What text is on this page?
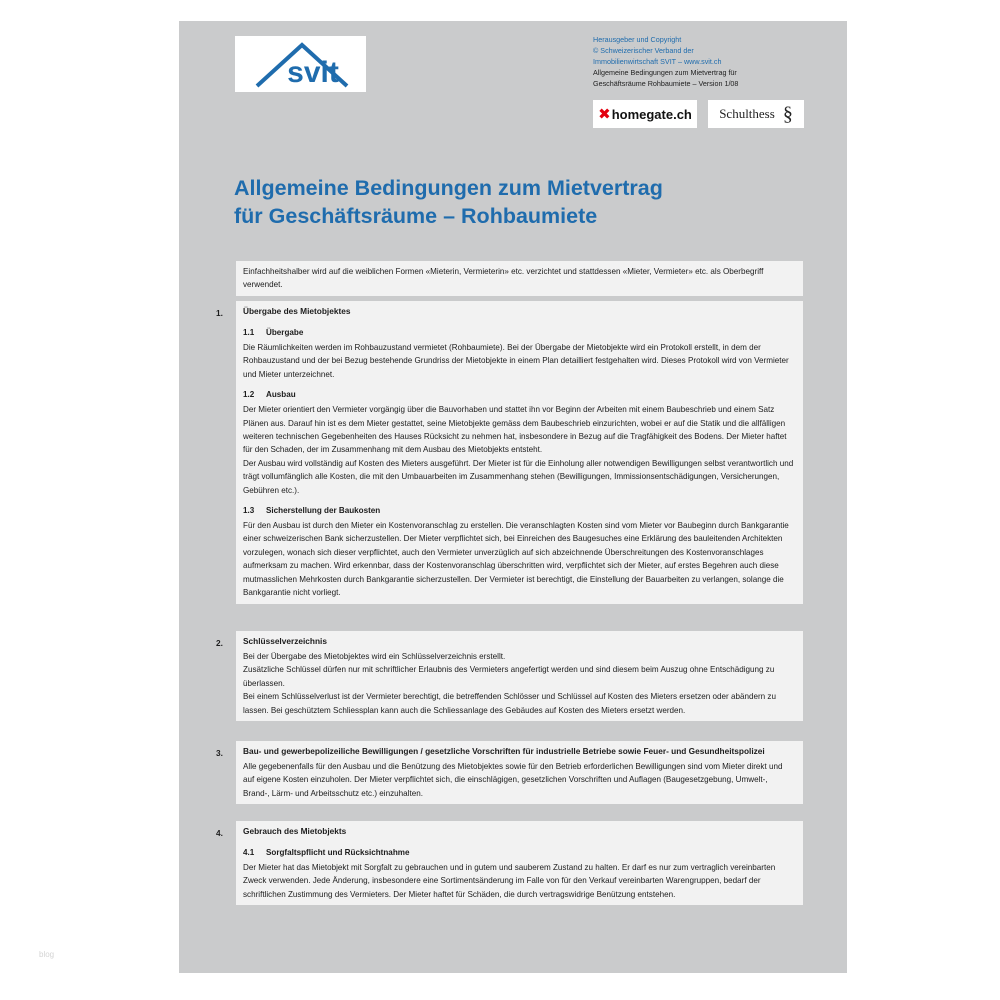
svit
Herausgeber und Copyright
© Schweizerischer Verband der
Immobilienwirtschaft SVIT – www.svit.ch
Allgemeine Bedingungen zum Mietvertrag für
Geschäftsräume Rohbaumiete – Version 1/08
✖ homegate.ch Schulthess §
Allgemeine Bedingungen zum Mietvertrag
für Geschäftsräume – Rohbaumiete

Einfachheitshalber wird auf die weiblichen Formen «Mieterin, Vermieterin» etc. verzichtet und stattdessen «Mieter, Vermieter» etc. als Oberbegriff verwendet.

1. Übergabe des Mietobjektes
1.1 Übergabe

Die Räumlichkeiten werden im Rohbauzustand vermietet (Rohbaumiete). Bei der Übergabe der Mietobjekte wird ein Protokoll erstellt, in dem der Rohbauzustand und der bei Bezug bestehende Grundriss der Mietobjekte in einem Plan detailliert festgehalten wird. Dieses Protokoll wird von Vermieter und Mieter unterzeichnet.

1.2 Ausbau

Der Mieter orientiert den Vermieter vorgängig über die Bauvorhaben und stattet ihn vor Beginn der Arbeiten mit einem Baubeschrieb und einem Satz Plänen aus. Darauf hin ist es dem Mieter gestattet, seine Mietobjekte gemäss dem Baubeschrieb einzurichten, wobei er auf die Statik und die allfälligen weiteren technischen Gegebenheiten des Hauses Rücksicht zu nehmen hat, insbesondere in Bezug auf die Tragfähigkeit des Bodens. Der Mieter haftet für den Schaden, der im Zusammenhang mit dem Ausbau des Mietobjekts entsteht.

Der Ausbau wird vollständig auf Kosten des Mieters ausgeführt. Der Mieter ist für die Einholung aller notwendigen Bewilligungen selbst verantwortlich und trägt vollumfänglich alle Kosten, die mit den Umbauarbeiten im Zusammenhang stehen (Bewilligungen, Immissionsentschädigungen, Versicherungen, Gebühren etc.).

1.3 Sicherstellung der Baukosten

Für den Ausbau ist durch den Mieter ein Kostenvoranschlag zu erstellen. Die veranschlagten Kosten sind vom Mieter vor Baubeginn durch Bankgarantie einer schweizerischen Bank sicherzustellen. Der Mieter verpflichtet sich, bei Einreichen des Baugesuches eine Erklärung des bauleitenden Architekten vorzulegen, wonach sich dieser verpflichtet, auch den Vermieter unverzüglich auf sich abzeichnende Überschreitungen des Kostenvoranschlages aufmerksam zu machen. Wird erkennbar, dass der Kostenvoranschlag überschritten wird, verpflichtet sich der Mieter, auf erstes Begehren auch diese mutmasslichen Mehrkosten durch Bankgarantie sicherzustellen. Der Vermieter ist berechtigt, die Einstellung der Bauarbeiten zu verlangen, solange die Bankgarantie nicht vorliegt.

2. Schlüsselverzeichnis

Bei der Übergabe des Mietobjektes wird ein Schlüsselverzeichnis erstellt.

Zusätzliche Schlüssel dürfen nur mit schriftlicher Erlaubnis des Vermieters angefertigt werden und sind diesem beim Auszug ohne Entschädigung zu überlassen.

Bei einem Schlüsselverlust ist der Vermieter berechtigt, die betreffenden Schlösser und Schlüssel auf Kosten des Mieters ersetzen oder abändern zu lassen. Bei geschütztem Schliessplan kann auch die Schliessanlage des Gebäudes auf Kosten des Mieters ersetzt werden.

3. Bau- und gewerbepolizeiliche Bewilligungen / gesetzliche Vorschriften für industrielle Betriebe sowie Feuer- und Gesundheitspolizei

Alle gegebenenfalls für den Ausbau und die Benützung des Mietobjektes sowie für den Betrieb erforderlichen Bewilligungen sind vom Mieter direkt und auf eigene Kosten einzuholen. Der Mieter verpflichtet sich, die einschlägigen, gesetzlichen Vorschriften und Auflagen (Baugesetzgebung, Umwelt-, Brand-, Lärm- und Arbeitsschutz etc.) einzuhalten.

4. Gebrauch des Mietobjekts
4.1 Sorgfaltspflicht und Rücksichtnahme

Der Mieter hat das Mietobjekt mit Sorgfalt zu gebrauchen und in gutem und sauberem Zustand zu halten. Er darf es nur zum vertraglich vereinbarten Zweck verwenden. Jede Änderung, insbesondere eine Sortimentsänderung im Falle von für den Verkauf vereinbarten Warengruppen, bedarf der schriftlichen Zustimmung des Vermieters. Der Mieter haftet für Schäden, die durch vertragswidrige Benützung entstehen.

blog
